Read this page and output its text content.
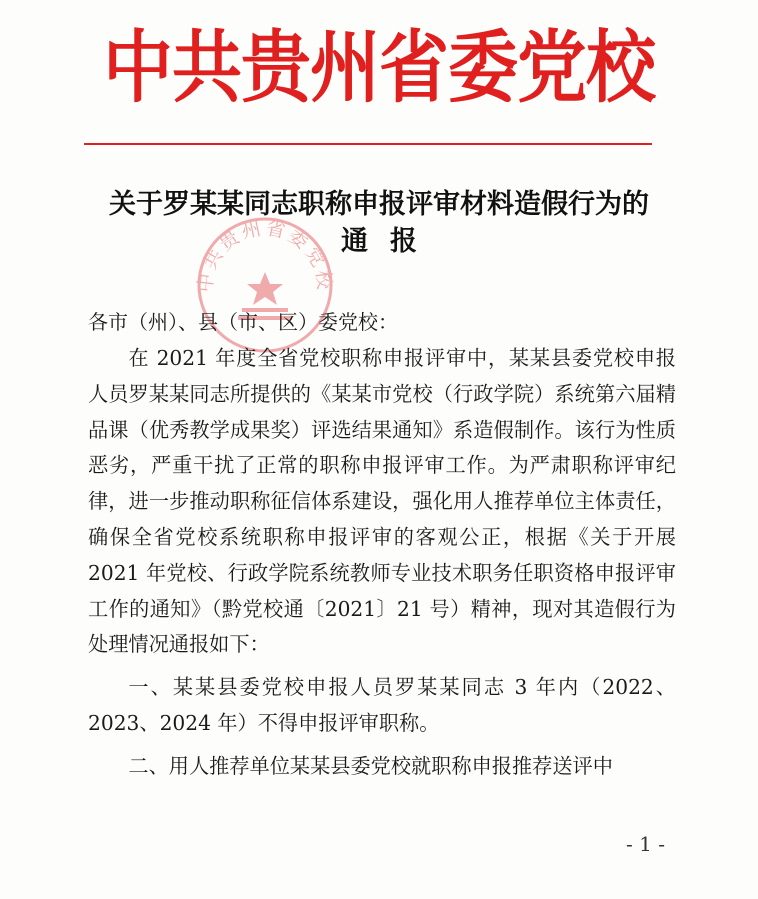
中共贵州省委党校
中共贵州省委党校
关于罗某某同志职称申报评审材料造假行为的
通报
各市（州）、县（市、区）委党校：

在 2021 年度全省党校职称申报评审中，某某县委党校申报人员罗某某同志所提供的《某某市党校（行政学院）系统第六届精品课（优秀教学成果奖）评选结果通知》系造假制作。该行为性质恶劣，严重干扰了正常的职称申报评审工作。为严肃职称评审纪律，进一步推动职称征信体系建设，强化用人推荐单位主体责任，确保全省党校系统职称申报评审的客观公正，根据《关于开展 2021 年党校、行政学院系统教师专业技术职务任职资格申报评审工作的通知》（黔党校通〔2021〕21 号）精神，现对其造假行为处理情况通报如下：

一、某某县委党校申报人员罗某某同志 3 年内（2022、2023、2024 年）不得申报评审职称。

二、用人推荐单位某某县委党校就职称申报推荐送评中

- 1 -
